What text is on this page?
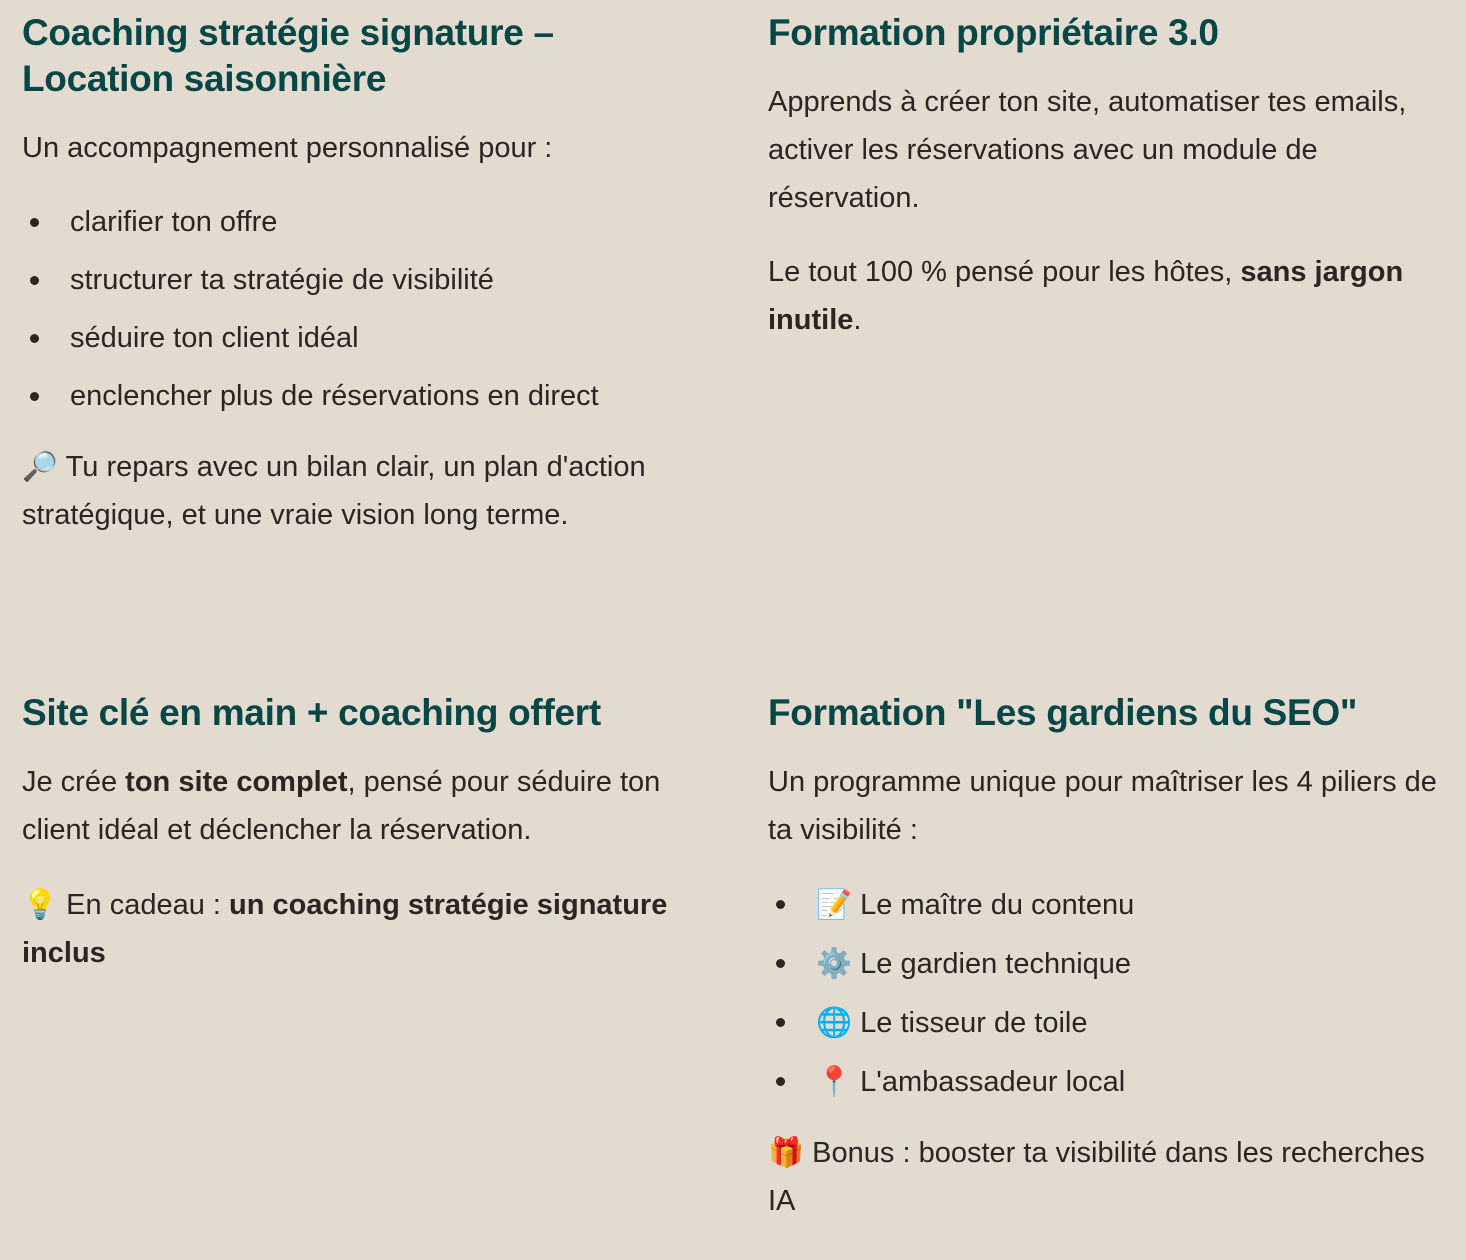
Coaching stratégie signature – Location saisonnière

Un accompagnement personnalisé pour :

clarifier ton offre
structurer ta stratégie de visibilité
séduire ton client idéal
enclencher plus de réservations en direct

🔎 Tu repars avec un bilan clair, un plan d'action stratégique, et une vraie vision long terme.

Formation propriétaire 3.0

Apprends à créer ton site, automatiser tes emails, activer les réservations avec un module de réservation.

Le tout 100 % pensé pour les hôtes, sans jargon inutile.

Site clé en main + coaching offert

Je crée ton site complet, pensé pour séduire ton client idéal et déclencher la réservation.

💡 En cadeau : un coaching stratégie signature inclus

Formation "Les gardiens du SEO"

Un programme unique pour maîtriser les 4 piliers de ta visibilité :

📝 Le maître du contenu
⚙️ Le gardien technique
🌐 Le tisseur de toile
📍 L'ambassadeur local

🎁 Bonus : booster ta visibilité dans les recherches IA
